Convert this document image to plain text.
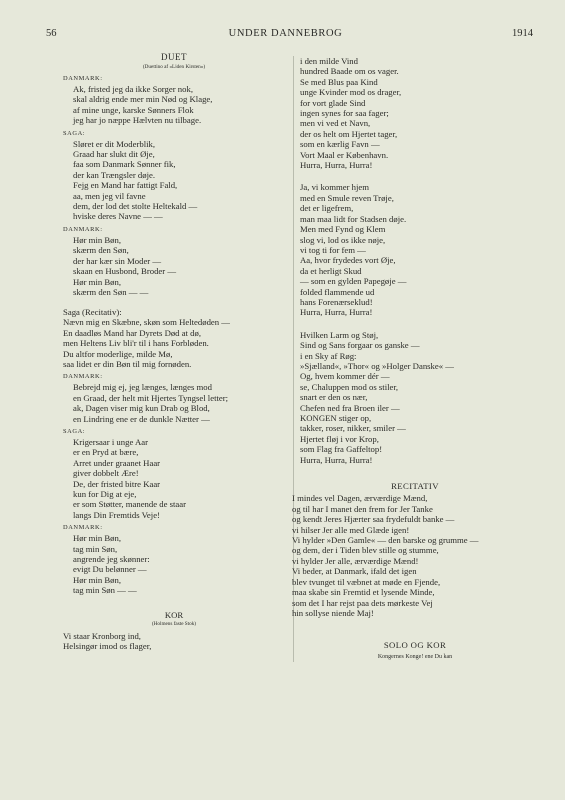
56	UNDER DANNEBROG	1914
DUET
(Duettino af »Liden Kirsten«)
DANMARK:
Ak, fristed jeg da ikke Sorger nok,
skal aldrig ende mer min Nød og Klage,
af mine unge, karske Sønners Flok
jeg har jo næppe Hælvten nu tilbage.
SAGA:
Sløret er dit Moderblik,
Graad har slukt dit Øje,
faa som Danmark Sønner fik,
der kan Trængsler døje.
Fejg en Mand har fattigt Fald,
aa, men jeg vil favne
dem, der lod det stolte Heltekald —
hviske deres Navne — —
DANMARK:
Hør min Bøn,
skærm den Søn,
der har kær sin Moder —
skaan en Husbond, Broder —
Hør min Bøn,
skærm den Søn — —
Saga (Recitativ):
Nævn mig en Skæbne, skøn som Heltedøden —
En daadløs Mand har Dyrets Død at dø,
men Heltens Liv bli'r til i hans Forbløden.
Du altfor moderlige, milde Mø,
saa lidet er din Bøn til mig fornøden.
DANMARK:
Bebrejd mig ej, jeg længes, længes mod
en Graad, der helt mit Hjertes Tyngsel letter;
ak, Dagen viser mig kun Drab og Blod,
en Lindring ene er de dunkle Nætter —
SAGA:
Krigersaar i unge Aar
er en Pryd at bære,
Arret under graanet Haar
giver dobbelt Ære!
De, der fristed bitre Kaar
kun for Dig at eje,
er som Støtter, manende de staar
langs Din Fremtids Veje!
DANMARK:
Hør min Bøn,
tag min Søn,
angrende jeg skønner:
evigt Du belønner —
Hør min Bøn,
tag min Søn — —
KOR
(Holmens faste Stok)
Vi staar Kronborg ind,
Helsingør imod os flager,
i den milde Vind
hundred Baade om os vager.
Se med Blus paa Kind
unge Kvinder mod os drager,
for vort glade Sind
ingen synes for saa fager;
men vi ved et Navn,
der os helt om Hjertet tager,
som en kærlig Favn —
Vort Maal er København.
Hurra, Hurra, Hurra!
Ja, vi kommer hjem
med en Smule reven Trøje,
det er ligefrem,
man maa lidt for Stadsen døje.
Men med Fynd og Klem
slog vi, lod os ikke nøje,
vi tog ti for fem —
Aa, hvor frydedes vort Øje,
da et herligt Skud
— som en gylden Papegøje —
folded flammende ud
hans Forenærseklud!
Hurra, Hurra, Hurra!
Hvilken Larm og Støj,
Sind og Sans forgaar os ganske —
i en Sky af Røg:
»Sjælland«, »Thor« og »Holger Danske« —
Og, hvem kommer dér —
se, Chaluppen mod os stiler,
snart er den os nær,
Chefen ned fra Broen iler —
KONGEN stiger op,
takker, roser, nikker, smiler —
Hjertet fløj i vor Krop,
som Flag fra Gaffeltop!
Hurra, Hurra, Hurra!
RECITATIV
I mindes vel Dagen, ærværdige Mænd,
og til har I manet den frem for Jer Tanke
og kendt Jeres Hjærter saa frydefuldt banke —
vi hilser Jer alle med Glæde igen!
Vi hylder »Den Gamle« — den barske og grumme —
og dem, der i Tiden blev stille og stumme,
vi hylder Jer alle, ærværdige Mænd!
Vi beder, at Danmark, ifald det igen
blev tvunget til væbnet at møde en Fjende,
maa skabe sin Fremtid et lysende Minde,
som det I har rejst paa dets mørkeste Vej
hin sollyse niende Maj!
SOLO OG KOR
Kongernes Konge! ene Du kan
